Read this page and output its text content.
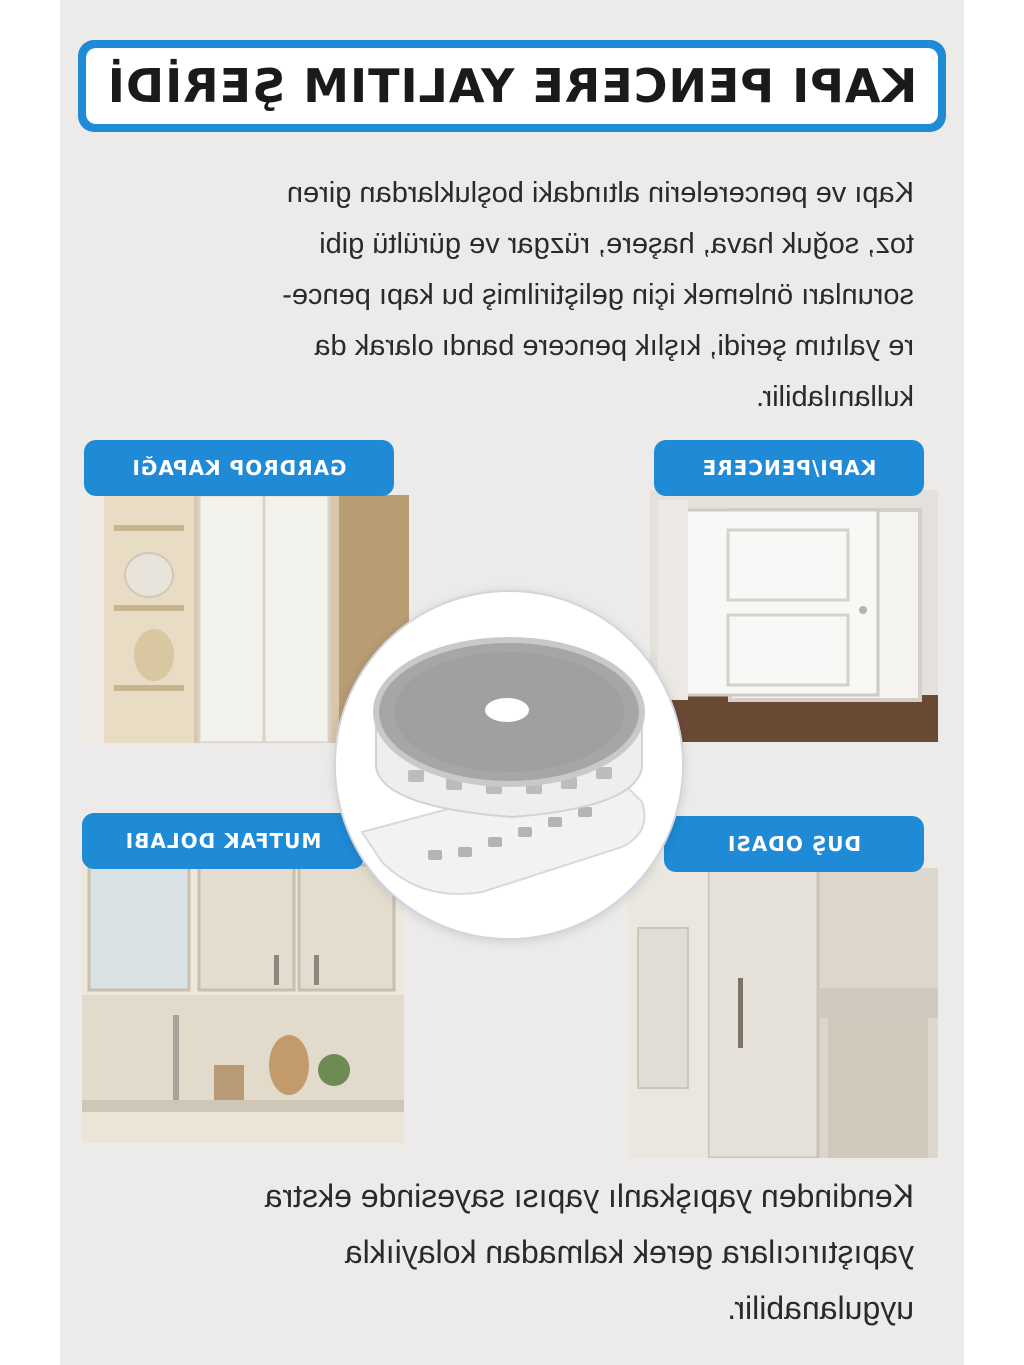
KAPI PENCERE YALITIM ŞERİDİ
Kapı ve pencerelerin altındaki boşluklardan giren
toz, soğuk hava, haşere, rüzgar ve gürültü gibi
sorunları önlemek için geliştirilmiş bu kapı pence-
re yalıtım şeridi, kışlık pencere bandı olarak da
kullanılabilir.
KAPI/PENCERE
GARDROP KAPAĞI
DUŞ ODASI
MUTFAK DOLABI
Kendinden yapışkanlı yapısı sayesinde ekstra
yapıştırıcılara gerek kalmadan kolayiıkla
uygulanabilir.
